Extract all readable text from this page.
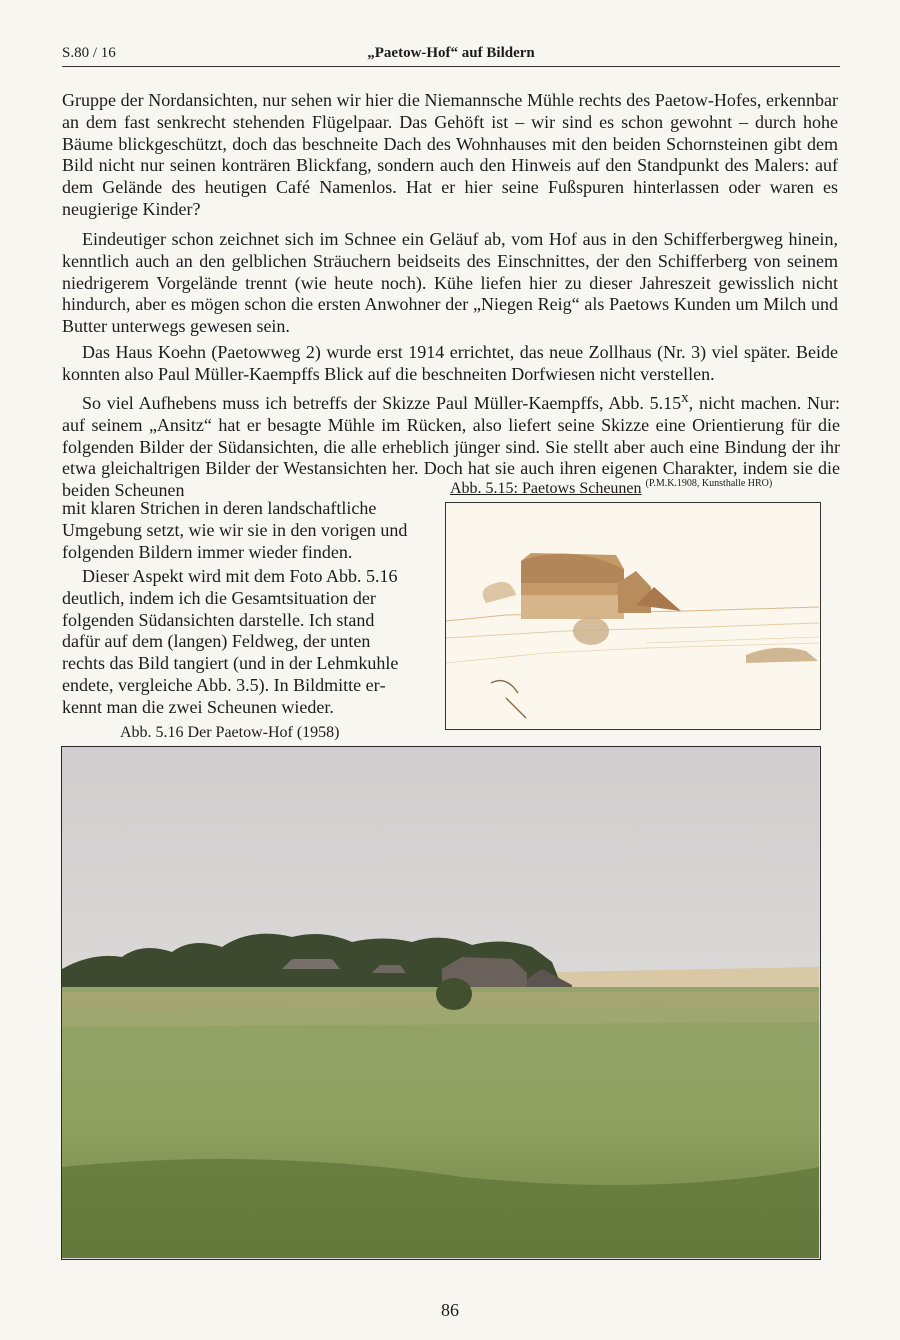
S.80 / 16	„Paetow-Hof“ auf Bildern

Gruppe der Nordansichten, nur sehen wir hier die Niemannsche Mühle rechts des Paetow-Hofes, erkennbar an dem fast senkrecht stehenden Flügelpaar. Das Gehöft ist – wir sind es schon gewohnt – durch hohe Bäume blickgeschützt, doch das beschneite Dach des Wohnhauses mit den beiden Schornsteinen gibt dem Bild nicht nur seinen konträren Blickfang, sondern auch den Hinweis auf den Standpunkt des Malers: auf dem Gelände des heutigen Café Namenlos. Hat er hier seine Fußspuren hinterlassen oder waren es neugierige Kinder?

Eindeutiger schon zeichnet sich im Schnee ein Geläuf ab, vom Hof aus in den Schifferbergweg hinein, kenntlich auch an den gelblichen Sträuchern beidseits des Einschnittes, der den Schifferberg von seinem niedrigerem Vorgelände trennt (wie heute noch). Kühe liefen hier zu dieser Jahreszeit gewisslich nicht hindurch, aber es mögen schon die ersten Anwohner der „Niegen Reig“ als Paetows Kunden um Milch und Butter unterwegs gewesen sein.

Das Haus Koehn (Paetowweg 2) wurde erst 1914 errichtet, das neue Zollhaus (Nr. 3) viel später. Beide konnten also Paul Müller-Kaempffs Blick auf die beschneiten Dorfwiesen nicht verstellen.

So viel Aufhebens muss ich betreffs der Skizze Paul Müller-Kaempffs, Abb. 5.15$^x$, nicht machen. Nur: auf seinem „Ansitz“ hat er besagte Mühle im Rücken, also liefert seine Skizze eine Orientierung für die folgenden Bilder der Südansichten, die alle erheblich jünger sind. Sie stellt aber auch eine Bindung der ihr etwa gleichaltrigen Bilder der Westansichten her. Doch hat sie auch ihren eigenen Charakter, indem sie die beiden Scheunen

mit klaren Strichen in deren landschaftliche Umgebung setzt, wie wir sie in den vorigen und folgenden Bildern immer wieder finden.

Dieser Aspekt wird mit dem Foto Abb. 5.16 deutlich, indem ich die Gesamtsituation der folgenden Südansichten darstelle. Ich stand dafür auf dem (langen) Feldweg, der unten rechts das Bild tangiert (und in der Lehmkuhle endete, vergleiche Abb. 3.5). In Bildmitte erkennt man die zwei Scheunen wieder.

Abb. 5.15: Paetows Scheunen $^{(P.M.K.1908, Kunsthalle HRO)}$
Abb. 5.16 Der Paetow-Hof (1958)
86
